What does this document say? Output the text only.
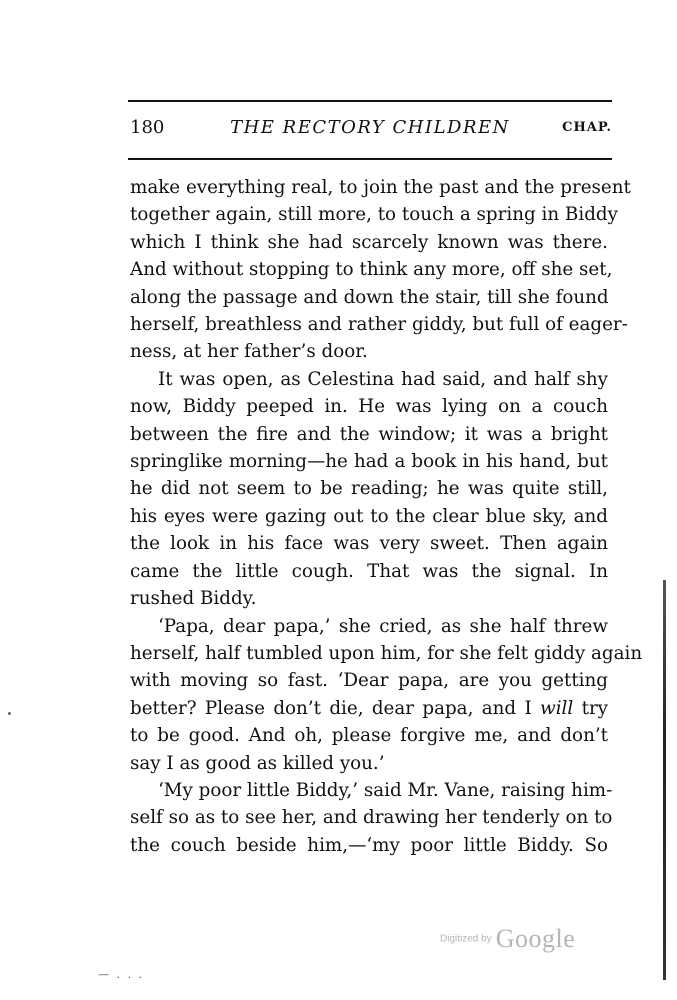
180	THE RECTORY CHILDREN	CHAP.
make everything real, to join the past and the present
together again, still more, to touch a spring in Biddy
which I think she had scarcely known was there.
And without stopping to think any more, off she set,
along the passage and down the stair, till she found
herself, breathless and rather giddy, but full of eager-
ness, at her father’s door.
It was open, as Celestina had said, and half shy
now, Biddy peeped in. He was lying on a couch
between the fire and the window; it was a bright
springlike morning—he had a book in his hand, but
he did not seem to be reading; he was quite still,
his eyes were gazing out to the clear blue sky, and
the look in his face was very sweet. Then again
came the little cough. That was the signal. In
rushed Biddy.
‘Papa, dear papa,’ she cried, as she half threw
herself, half tumbled upon him, for she felt giddy again
with moving so fast. ‘Dear papa, are you getting
better? Please don’t die, dear papa, and I will try
to be good. And oh, please forgive me, and don’t
say I as good as killed you.’
‘My poor little Biddy,’ said Mr. Vane, raising him-
self so as to see her, and drawing her tenderly on to
the couch beside him,—‘my poor little Biddy. So
— . . .
Digitized by Google
